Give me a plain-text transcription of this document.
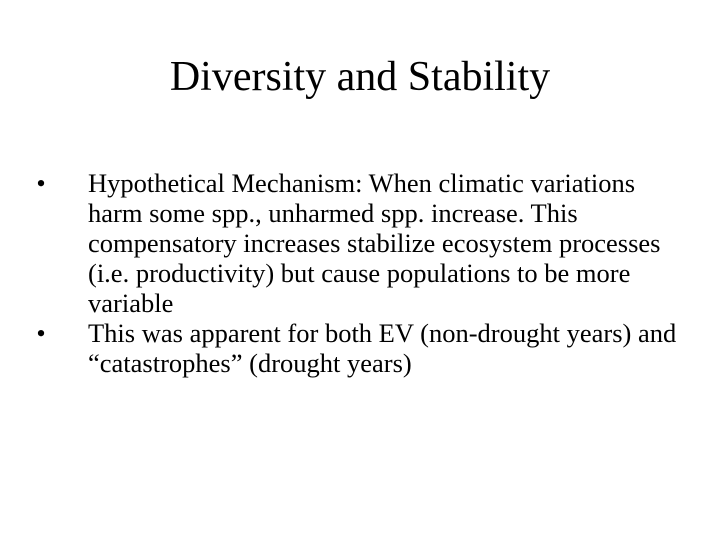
Diversity and Stability
• Hypothetical Mechanism: When climatic variations harm some spp., unharmed spp. increase. This compensatory increases stabilize ecosystem processes (i.e. productivity) but cause populations to be more variable
• This was apparent for both EV (non-drought years) and “catastrophes” (drought years)
